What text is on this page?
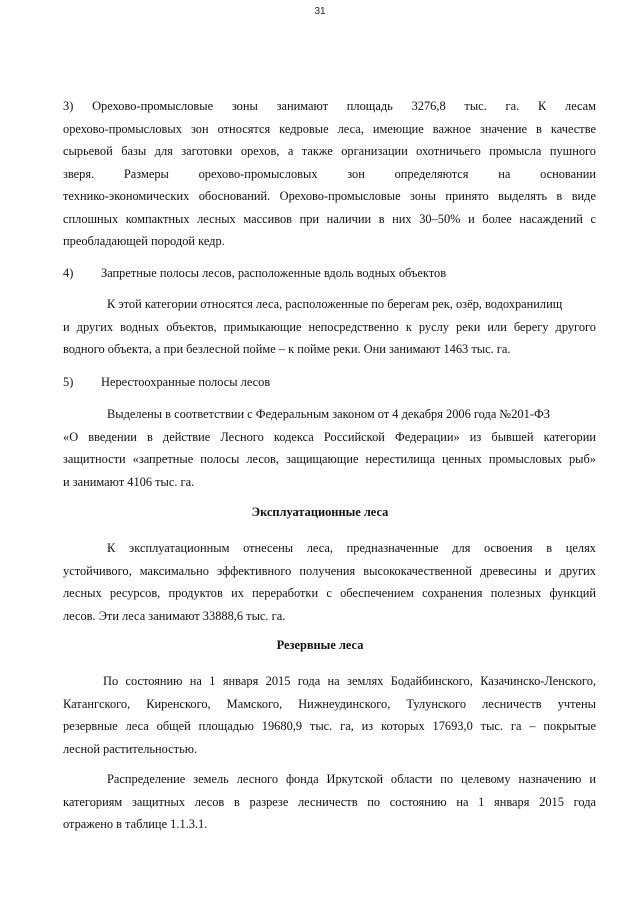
31
3) Орехово-промысловые зоны занимают площадь 3276,8 тыс. га. К лесам
орехово-промысловых зон относятся кедровые леса, имеющие важное значение в качестве
сырьевой базы для заготовки орехов, а также организации охотничьего промысла пушного
зверя. Размеры орехово-промысловых зон определяются на основании
технико-экономических обоснований. Орехово-промысловые зоны принято выделять в виде
сплошных компактных лесных массивов при наличии в них 30–50% и более насаждений с
преобладающей породой кедр.
4)	Запретные полосы лесов, расположенные вдоль водных объектов
К этой категории относятся леса, расположенные по берегам рек, озёр, водохранилищ
и других водных объектов, примыкающие непосредственно к руслу реки или берегу другого
водного объекта, а при безлесной пойме – к пойме реки. Они занимают 1463 тыс. га.
5)	Нерестоохранные полосы лесов
Выделены в соответствии с Федеральным законом от 4 декабря 2006 года №201-ФЗ
«О введении в действие Лесного кодекса Российской Федерации» из бывшей категории
защитности «запретные полосы лесов, защищающие нерестилища ценных промысловых рыб»
и занимают 4106 тыс. га.
Эксплуатационные леса
К эксплуатационным отнесены леса, предназначенные для освоения в целях
устойчивого, максимально эффективного получения высококачественной древесины и других
лесных ресурсов, продуктов их переработки с обеспечением сохранения полезных функций
лесов. Эти леса занимают 33888,6 тыс. га.
Резервные леса
По состоянию на 1 января 2015 года на землях Бодайбинского, Казачинско-Ленского,
Катангского, Киренского, Мамского, Нижнеудинского, Тулунского лесничеств учтены
резервные леса общей площадью 19680,9 тыс. га, из которых 17693,0 тыс. га – покрытые
лесной растительностью.
Распределение земель лесного фонда Иркутской области по целевому назначению и
категориям защитных лесов в разрезе лесничеств по состоянию на 1 января 2015 года
отражено в таблице 1.1.3.1.
